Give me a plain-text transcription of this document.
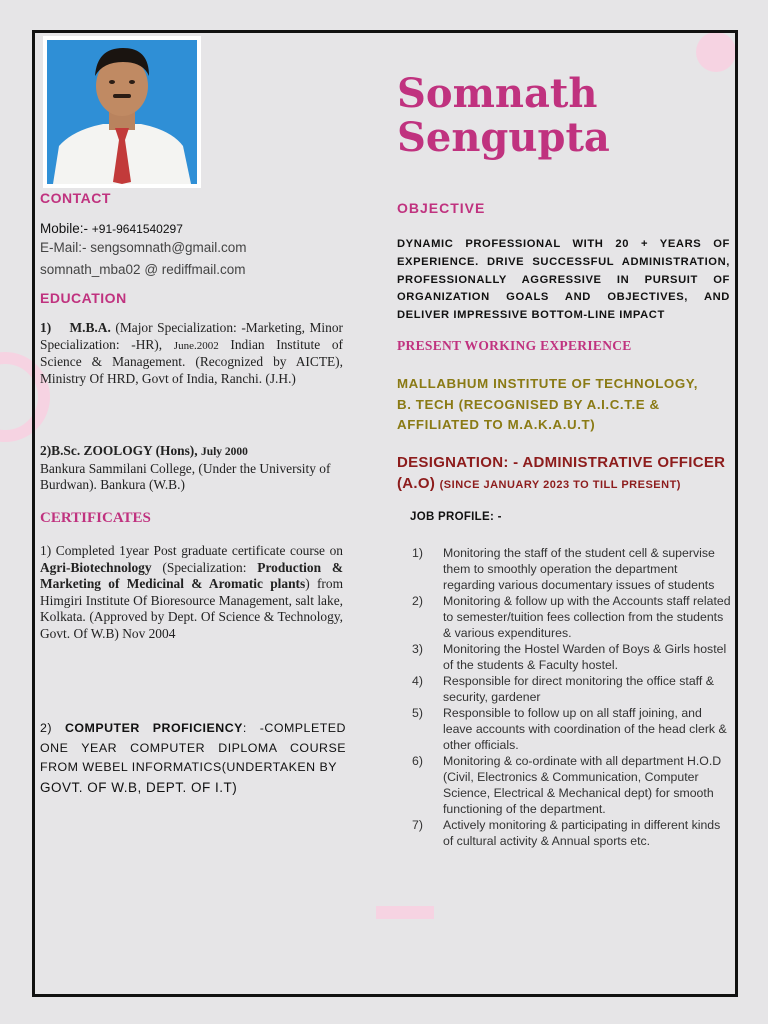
Somnath
Sengupta
CONTACT
Mobile:- +91-9641540297
E-Mail:- sengsomnath@gmail.com
somnath_mba02 @ rediffmail.com
EDUCATION
1) M.B.A. (Major Specialization: -Marketing, Minor Specialization: -HR), June.2002 Indian Institute of Science & Management. (Recognized by AICTE), Ministry Of HRD, Govt of India, Ranchi. (J.H.)
2)B.Sc. ZOOLOGY (Hons), July 2000
Bankura Sammilani College, (Under the University of Burdwan). Bankura (W.B.)
CERTIFICATES
1) Completed 1year Post graduate certificate course on Agri-Biotechnology (Specialization: Production & Marketing of Medicinal & Aromatic plants) from Himgiri Institute Of Bioresource Management, salt lake, Kolkata. (Approved by Dept. Of Science & Technology, Govt. Of W.B) Nov 2004
2) COMPUTER PROFICIENCY: -COMPLETED ONE YEAR COMPUTER DIPLOMA COURSE FROM WEBEL INFORMATICS(UNDERTAKEN BY
GOVT. OF W.B, DEPT. OF I.T)
OBJECTIVE
DYNAMIC PROFESSIONAL WITH 20 + YEARS OF EXPERIENCE. DRIVE SUCCESSFUL ADMINISTRATION, PROFESSIONALLY AGGRESSIVE IN PURSUIT OF ORGANIZATION GOALS AND OBJECTIVES, AND DELIVER IMPRESSIVE BOTTOM-LINE IMPACT
PRESENT WORKING EXPERIENCE
MALLABHUM INSTITUTE OF TECHNOLOGY,
B. TECH (RECOGNISED BY A.I.C.T.E &
AFFILIATED TO M.A.K.A.U.T)
DESIGNATION: - ADMINISTRATIVE OFFICER
(A.O) (SINCE JANUARY 2023 TO TILL PRESENT)
JOB PROFILE: -
1)	Monitoring the staff of the student cell & supervise them to smoothly operation the department regarding various documentary issues of students
2)	Monitoring & follow up with the Accounts staff related to semester/tuition fees collection from the students & various expenditures.
3)	Monitoring the Hostel Warden of Boys & Girls hostel of the students & Faculty hostel.
4)	Responsible for direct monitoring the office staff & security, gardener
5)	Responsible to follow up on all staff joining, and leave accounts with coordination of the head clerk & other officials.
6)	Monitoring & co-ordinate with all department H.O.D (Civil, Electronics & Communication, Computer Science, Electrical & Mechanical dept) for smooth functioning of the department.
7)	Actively monitoring & participating in different kinds of cultural activity & Annual sports etc.
